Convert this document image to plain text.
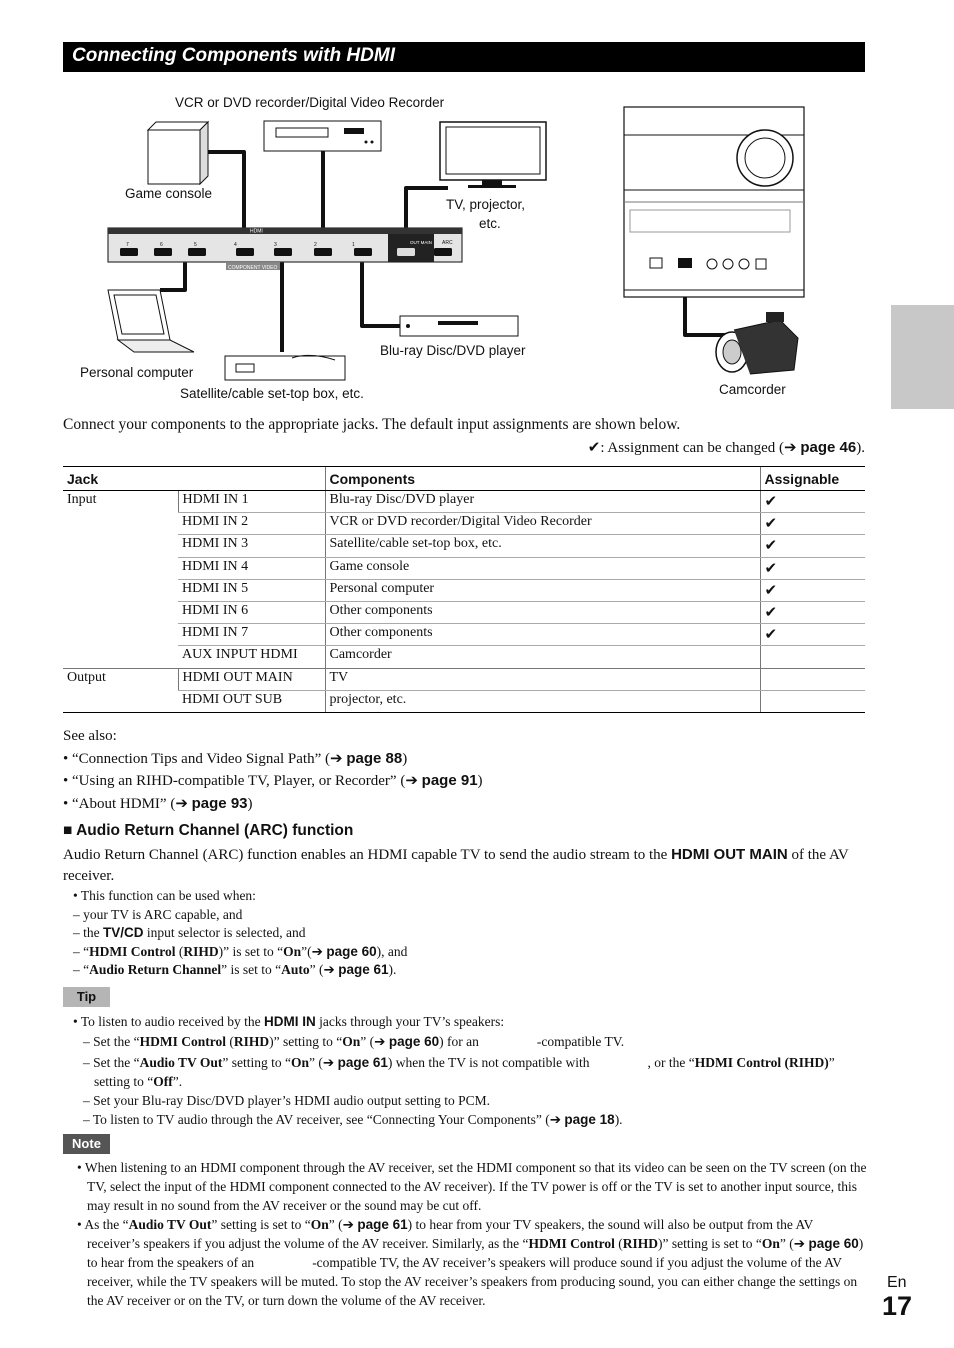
Connecting Components with HDMI
HDMI
OUT MAIN ARC
COMPONENT VIDEO
7	6	5	4	3	2	1
VCR or DVD recorder/Digital Video Recorder
Game console
TV, projector,
etc.
Blu-ray Disc/DVD player
Personal computer
Satellite/cable set-top box, etc.	Camcorder
Connect your components to the appropriate jacks. The default input assignments are shown below.
✔: Assignment can be changed (➔ page 46).
Jack		Components	Assignable
Input	HDMI IN 1	Blu-ray Disc/DVD player	✔
	HDMI IN 2	VCR or DVD recorder/Digital Video Recorder	✔
	HDMI IN 3	Satellite/cable set-top box, etc.	✔
	HDMI IN 4	Game console	✔
	HDMI IN 5	Personal computer	✔
	HDMI IN 6	Other components	✔
	HDMI IN 7	Other components	✔
	AUX INPUT HDMI	Camcorder	
Output	HDMI OUT MAIN	TV	
	HDMI OUT SUB	projector, etc.	
See also:
• “Connection Tips and Video Signal Path” (➔ page 88)
• “Using an RIHD-compatible TV, Player, or Recorder” (➔ page 91)
• “About HDMI” (➔ page 93)
■ Audio Return Channel (ARC) function
Audio Return Channel (ARC) function enables an HDMI capable TV to send the audio stream to the HDMI OUT MAIN of the AV receiver.
• This function can be used when:
– your TV is ARC capable, and
– the TV/CD input selector is selected, and
– “HDMI Control (RIHD)” is set to “On”(➔ page 60), and
– “Audio Return Channel” is set to “Auto” (➔ page 61).
Tip
• To listen to audio received by the HDMI IN jacks through your TV’s speakers:
– Set the “HDMI Control (RIHD)” setting to “On” (➔ page 60) for an	-compatible TV.
– Set the “Audio TV Out” setting to “On” (➔ page 61) when the TV is not compatible with	, or the “HDMI Control (RIHD)” setting to “Off”.
– Set your Blu-ray Disc/DVD player’s HDMI audio output setting to PCM.
– To listen to TV audio through the AV receiver, see “Connecting Your Components” (➔ page 18).
Note
• When listening to an HDMI component through the AV receiver, set the HDMI component so that its video can be seen on the TV screen (on the TV, select the input of the HDMI component connected to the AV receiver). If the TV power is off or the TV is set to another input source, this may result in no sound from the AV receiver or the sound may be cut off.
• As the “Audio TV Out” setting is set to “On” (➔ page 61) to hear from your TV speakers, the sound will also be output from the AV receiver’s speakers if you adjust the volume of the AV receiver. Similarly, as the “HDMI Control (RIHD)” setting is set to “On” (➔ page 60) to hear from the speakers of an	-compatible TV, the AV receiver’s speakers will produce sound if you adjust the volume of the AV receiver, while the TV speakers will be muted. To stop the AV receiver’s speakers from producing sound, you can either change the settings on the AV receiver or on the TV, or turn down the volume of the AV receiver.
En
17
